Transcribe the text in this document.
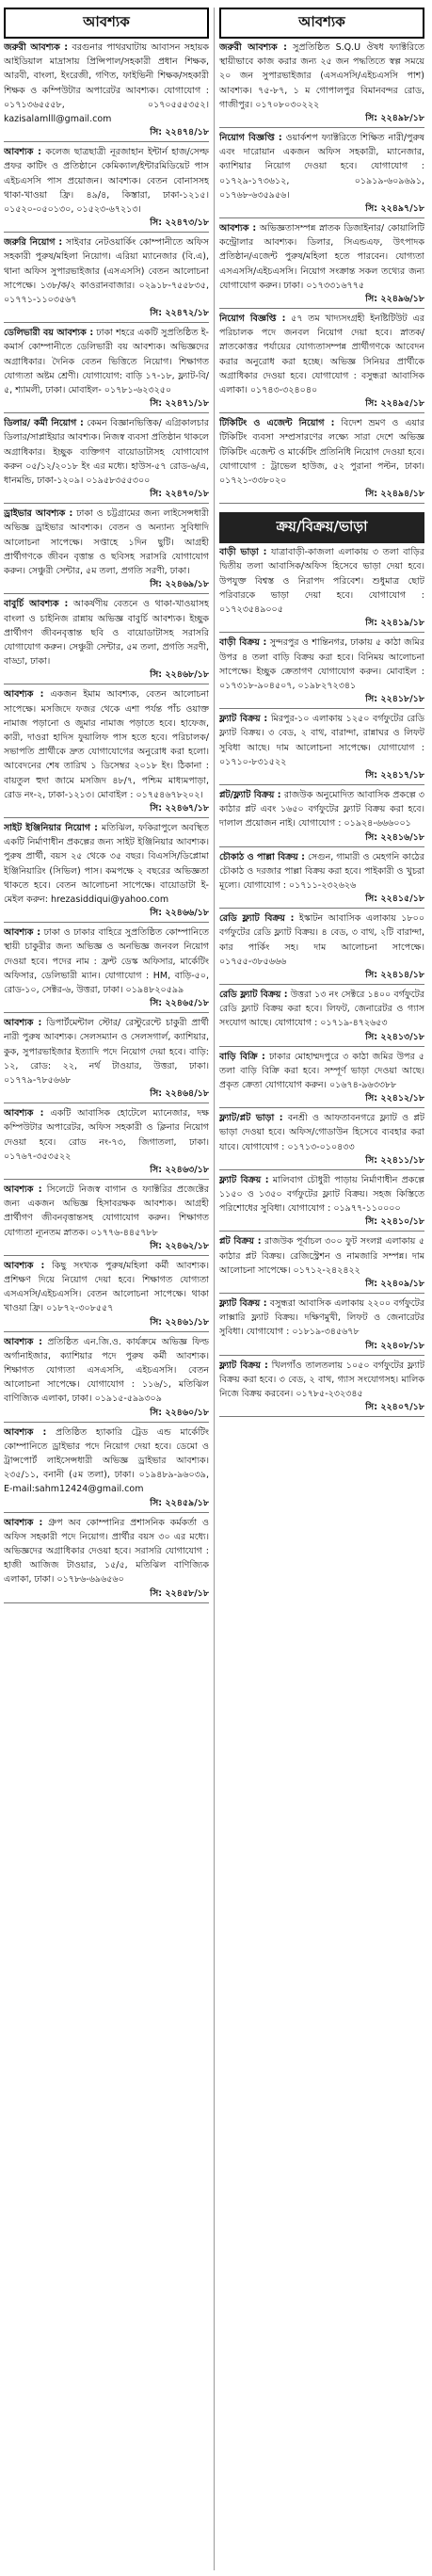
আবশ্যক
জরুরী আবশ্যক : বরগুনার পাথরঘাটায় আবাসন সহায়ক আইডিয়াল মাদ্রাসায় প্রিন্সিপাল/সহকারী প্রধান শিক্ষক, আরবী, বাংলা, ইংরেজী, গণিত, ফাইভিনী শিক্ষক/সহকারী শিক্ষক ও কম্পিউটার অপারেটর আবশ্যক। যোগাযোগ : ০১৭১৩৬৫৫৫৮, ০১৭০৫৫৫৩৫২। kazisalamlll@gmail.com
সি: ২২৪৭৪/১৮
আবশ্যক : কলেজ ছাত্রছাত্রী নূরজাহান ইন্টার্ন হাজ/সেল্ফ প্ৰফর কাটিং ও প্ৰতিষ্ঠানে কেমিক্যাল/ইন্টারমিডিয়েট পাস এইচএসসি পাস প্ৰয়োজন। আবশ্যক। বেতন বোনাসসহ থাকা-খাওয়া ফ্রি। ৪৯/৪, কিস্তারা, ঢাকা-১২১৫। ০১৫২০-০৫০১৩০, ০১৫২৩-৬৭২১৩।
সি: ২২৪৭৩/১৮
জরুরি নিয়োগ : সাইবার নেটওয়ার্কিং কোম্পানীতে অফিস সহকারী পুরুষ/মহিলা নিয়োগ। এরিয়া ম্যানেজার (বি.এ), থানা অফিস সুপারভাইজার (এসএসসি) বেতন আলোচনা সাপেক্ষে। ১৩৮/ক/২ কাওরানবাজার। ০২৯১৮-৭৫৫৮৩৫, ০১৭৭১-১১০৩৫৬৭
সি: ২২৪৭২/১৮
ডেলিভারী বয় আবশ্যক : ঢাকা শহরে একটি সুপ্রতিষ্ঠিত ই-কমার্স কোম্পানীতে ডেলিভারী বয় আবশ্যক। অভিজ্ঞদের অগ্রাধিকার। দৈনিক বেতন ভিত্তিতে নিয়োগ। শিক্ষাগত যোগ্যতা অষ্টম শ্রেণী। যোগাযোগ: বাড়ি ১৭-১৮, ফ্ল্যাট-বি/৫, শ্যামলী, ঢাকা। মোবাইল- ০১৭৮১-৬২৩২৫০
সি: ২২৪৭১/১৮
ডিলার/ কর্মী নিয়োগ : কেমন বিজ্ঞানভিত্তিক/ এগ্রিকালচার ডিলার/সাপ্লাইয়ার আবশ্যক। নিজস্ব ব্যবসা প্রতিষ্ঠান থাকলে অগ্রাধিকার। ইচ্ছুক ব্যক্তিগণ বায়োডাটাসহ যোগাযোগ করুন ০৫/১২/২০১৮ ইং এর মধ্যে। হাউস-৫৭ রোড-৬/এ, ধানমন্ডি, ঢাকা-১২০৯। ০১৯৫৮৩৫৫৩০০
সি: ২২৪৭০/১৮
ড্রাইভার আবশ্যক : ঢাকা ও চট্টগ্রামের জন্য লাইসেন্সধারী অভিজ্ঞ ড্রাইভার আবশ্যক। বেতন ও অন্যান্য সুবিধাদি আলোচনা সাপেক্ষে। সপ্তাহে ১দিন ছুটি। আগ্রহী প্রার্থীগণকে জীবন বৃত্তান্ত ও ছবিসহ সরাসরি যোগাযোগ করুন। সেঞ্চুরী সেন্টার, ৫ম তলা, প্রগতি সরণী, ঢাকা।
সি: ২২৪৬৯/১৮
বাবুর্চি আবশ্যক : আকর্ষণীয় বেতনে ও থাকা-খাওয়াসহ বাংলা ও চাইনিজ রান্নায় অভিজ্ঞ বাবুর্চি আবশ্যক। ইচ্ছুক প্রার্থীগণ জীবনবৃত্তান্ত ছবি ও বায়োডাটাসহ সরাসরি যোগাযোগ করুন। সেঞ্চুরী সেন্টার, ৫ম তলা, প্রগতি সরণী, বাড্ডা, ঢাকা।
সি: ২২৪৬৮/১৮
আবশ্যক : একজন ইমাম আবশ্যক, বেতন আলোচনা সাপেক্ষে। মসজিদে ফজর থেকে এশা পর্যন্ত পাঁচ ওয়াক্ত নামাজ পড়ানো ও জুমার নামাজ পড়াতে হবে। হাফেজ, কারী, দাওরা হাদিস ফুয়ালিফ পাস হতে হবে। পরিচালক/সভাপতি প্রার্থীকে দ্রুত যোগাযোগের অনুরোধ করা হলো। আবেদনের শেষ তারিখ ১ ডিসেম্বর ২০১৮ ইং। ঠিকানা : বায়তুল হুদা জামে মসজিদ ৪৮/৭, পশ্চিম মাধ্যমপাড়া, রোড নং-২, ঢাকা-১২১৩। মোবাইল : ০১৭৫৪৬৭৮২০২।
সি: ২২৪৬৭/১৮
সাইট ইঞ্জিনিয়ার নিয়োগ : মতিঝিল, ফকিরাপুলে অবস্থিত একটি নির্মাণাধীন প্রকল্পের জন্য সাইট ইঞ্জিনিয়ার আবশ্যক। পুরুষ প্রার্থী, বয়স ২৫ থেকে ৩৫ বছর। বিএসসি/ডিপ্লোমা ইঞ্জিনিয়ারিং (সিভিল) পাস। কমপক্ষে ২ বছরের অভিজ্ঞতা থাকতে হবে। বেতন আলোচনা সাপেক্ষে। বায়োডাটা ই-মেইল করুন: hrezasiddiqui@yahoo.com
সি: ২২৪৬৬/১৮
আবশ্যক : ঢাকা ও ঢাকার বাহিরে সুপ্রতিষ্ঠিত কোম্পানিতে স্থায়ী চাকুরীর জন্য অভিজ্ঞ ও অনভিজ্ঞ জনবল নিয়োগ দেওয়া হবে। পদের নাম : ফ্রন্ট ডেস্ক অফিসার, মার্কেটিং অফিসার, ডেলিভারী ম্যান। যোগাযোগ : HM, বাড়ি-৫০, রোড-১০, সেক্টর-৬, উত্তরা, ঢাকা। ০১৯৪৮২০৫৯৯
সি: ২২৪৬৫/১৮
আবশ্যক : ডিপার্টমেন্টাল স্টোর/ রেস্টুরেন্টে চাকুরী প্রার্থী নারী পুরুষ আবশ্যক। সেলসম্যান ও সেলসগার্ল, ক্যাশিয়ার, কুক, সুপারভাইজার ইত্যাদি পদে নিয়োগ দেয়া হবে। বাড়ি: ১২, রোড: ২২, নর্থ টাওয়ার, উত্তরা, ঢাকা। ০১৭৭৯-৭৮৫৬৬৮
সি: ২২৪৬৪/১৮
আবশ্যক : একটি আবাসিক হোটেলে ম্যানেজার, দক্ষ কম্পিউটার অপারেটর, অফিস সহকারী ও ক্লিনার নিয়োগ দেওয়া হবে। রোড নং-৭৩, জিগাতলা, ঢাকা। ০১৭৬৭-৩৫৩৫২২
সি: ২২৪৬৩/১৮
আবশ্যক : সিলেটে নিজস্ব বাগান ও ফ্যাক্টরির প্রজেক্টের জন্য একজন অভিজ্ঞ হিসাবরক্ষক আবশ্যক। আগ্রহী প্রার্থীগণ জীবনবৃত্তান্তসহ যোগাযোগ করুন। শিক্ষাগত যোগ্যতা ন্যূনতম স্নাতক। ০১৭৭৬-৪৪৫৭৮৮
সি: ২২৪৬২/১৮
আবশ্যক : কিছু সংখ্যক পুরুষ/মহিলা কর্মী আবশ্যক। প্রশিক্ষণ দিয়ে নিয়োগ দেয়া হবে। শিক্ষাগত যোগ্যতা এসএসসি/এইচএসসি। বেতন আলোচনা সাপেক্ষে। থাকা খাওয়া ফ্রি। ০১৮৭২-৩০৮৫৫৭
সি: ২২৪৬১/১৮
আবশ্যক : প্রতিষ্ঠিত এন.জি.ও. কার্যক্রমে অভিজ্ঞ ফিল্ড অর্গানাইজার, ক্যাশিয়ার পদে পুরুষ কর্মী আবশ্যক। শিক্ষাগত যোগ্যতা এসএসসি, এইচএসসি। বেতন আলোচনা সাপেক্ষে। যোগাযোগ : ১১৬/১, মতিঝিল বাণিজ্যিক এলাকা, ঢাকা। ০১৯১৫-৫৯৯৩০৯
সি: ২২৪৬০/১৮
আবশ্যক : প্রতিষ্ঠিত হ্যাকারি ট্রেড এন্ড মার্কেটিং কোম্পানিতে ড্রাইভার পদে নিয়োগ দেয়া হবে। ডেমো ও ট্রান্সপোর্ট লাইসেন্সধারী অভিজ্ঞ ড্রাইভার আবশ্যক। ২৩৫/১১, বনানী (৫ম তলা), ঢাকা। ০১৯৪৮৯-৯৬০৩৯, E-mail:sahm12424@gmail.com
সি: ২২৪৫৯/১৮
আবশ্যক : গ্রুপ অব কোম্পানির প্রশাসনিক কর্মকর্তা ও অফিস সহকারী পদে নিয়োগ। প্রার্থীর বয়স ৩০ এর মধ্যে। অভিজ্ঞদের অগ্রাধিকার দেওয়া হবে। সরাসরি যোগাযোগ : হাজী আজিজ টাওয়ার, ১৫/৫, মতিঝিল বাণিজ্যিক এলাকা, ঢাকা। ০১৭৮৬-৬৯৬৫৬০
সি: ২২৪৫৮/১৮
আবশ্যক
জরুরী আবশ্যক : সুপ্রতিষ্ঠিত S.Q.U ঔষধ ফ্যাক্টরিতে স্থায়ীভাবে কাজ করার জন্য ২৫ জন পদ্ধতিতে স্বল্প সময়ে ২০ জন সুপারভাইজার (এসএসসি/এইচএসসি পাশ) আবশ্যক। ৭৫-৮৭, ১ ম গোপালপুর বিমানবন্দর রোড, গাজীপুর। ০১৭০৮০৩০২২২
সি: ২২৪৯৮/১৮
নিয়োগ বিজ্ঞপ্তি : ওয়ার্কশপ ফ্যাক্টরিতে শিক্ষিত নারী/পুরুষ এবং দারোয়ান একজন অফিস সহকারী, ম্যানেজার, ক্যাশিয়ার নিয়োগ দেওয়া হবে। যোগাযোগ : ০১৭২৯-১৭৩৬১২, ০১৯১৯-৬০৯৬৯১, ০১৭৬৮-৬৩৫৯৫৬।
সি: ২২৪৯৭/১৮
আবশ্যক : অভিজ্ঞতাসম্পন্ন স্নাতক ডিজাইনার/ কোয়ালিটি কন্ট্রোলার আবশ্যক। ডিলার, সিএন্ডএফ, উৎপাদক প্রতিষ্ঠান/এজেন্ট পুরুষ/মহিলা হতে পারবেন। যোগ্যতা এসএসসি/এইচএসসি। নিয়োগ সংক্রান্ত সকল তথ্যের জন্য যোগাযোগ করুন। ঢাকা। ০১৭৩৩১৬৭৭৫
সি: ২২৪৯৬/১৮
নিয়োগ বিজ্ঞপ্তি : ৫৭ তম খাদ্যসংগ্রহী ইনষ্টিটিউট এর পরিচালক পদে জনবল নিয়োগ দেয়া হবে। স্নাতক/স্নাতকোত্তর পর্যায়ের যোগ্যতাসম্পন্ন প্রার্থীগণকে আবেদন করার অনুরোধ করা হচ্ছে। অভিজ্ঞ সিনিয়র প্রার্থীকে অগ্রাধিকার দেওয়া হবে। যোগাযোগ : বসুন্ধরা আবাসিক এলাকা। ০১৭৪৩-৩২৪০৪০
সি: ২২৪৯৫/১৮
টিকিটিং ও এজেন্ট নিয়োগ : বিদেশ ভ্রমণ ও এয়ার টিকিটিং ব্যবসা সম্প্রসারণের লক্ষ্যে সারা দেশে অভিজ্ঞ টিকিটিং এজেন্ট ও মার্কেটিং প্রতিনিধি নিয়োগ দেওয়া হবে। যোগাযোগ : ট্রাভেল হাউজ, ৫২ পুরানা পল্টন, ঢাকা। ০১৭২১-৩৩৮০২০
সি: ২২৪৯৪/১৮
ক্রয়/বিক্রয়/ভাড়া
বাড়ী ভাড়া : যাত্রাবাড়ী-কাজলা এলাকায় ৩ তলা বাড়ির দ্বিতীয় তলা আবাসিক/অফিস হিসেবে ভাড়া দেয়া হবে। উপযুক্ত বিশ্বস্ত ও নিরাপদ পরিবেশ। শুধুমাত্র ছোট পরিবারকে ভাড়া দেয়া হবে। যোগাযোগ : ০১৭২৩৫৪৯০০৫
সি: ২২৪১৯/১৮
বাড়ী বিক্রয় : সুন্দরপুর ও শান্তিনগর, ঢাকায় ৫ কাঠা জমির উপর ৪ তলা বাড়ি বিক্রয় করা হবে। বিনিময় আলোচনা সাপেক্ষে। ইচ্ছুক ক্রেতাগণ যোগাযোগ করুন। মোবাইল : ০১৭৩১৮-৯০৪৫০৭, ০১৯৮২৭২৩৪১
সি: ২২৪১৮/১৮
ফ্ল্যাট বিক্রয় : মিরপুর-১০ এলাকায় ১২৫০ বর্গফুটের রেডি ফ্ল্যাট বিক্রয়। ৩ বেড, ২ বাথ, বারান্দা, রান্নাঘর ও লিফট সুবিধা আছে। দাম আলোচনা সাপেক্ষে। যোগাযোগ : ০১৭১০-৮৩১৫২২
সি: ২২৪১৭/১৮
প্লট/ফ্ল্যাট বিক্রয় : রাজউক অনুমোদিত আবাসিক প্রকল্পে ৩ কাঠার প্লট এবং ১৬৫০ বর্গফুটের ফ্ল্যাট বিক্রয় করা হবে। দালাল প্রয়োজন নাই। যোগাযোগ : ০১৯২৪-৬৬৬০০১
সি: ২২৪১৬/১৮
চৌকাঠ ও পাল্লা বিক্রয় : সেগুন, গামারী ও মেহগনি কাঠের চৌকাঠ ও দরজার পাল্লা বিক্রয় করা হবে। পাইকারী ও খুচরা মূল্যে। যোগাযোগ : ০১৭১১-২৩২৬২৬
সি: ২২৪১৫/১৮
রেডি ফ্ল্যাট বিক্রয় : ইস্কাটন আবাসিক এলাকায় ১৮০০ বর্গফুটের রেডি ফ্ল্যাট বিক্রয়। ৪ বেড, ৩ বাথ, ২টি বারান্দা, কার পার্কিং সহ। দাম আলোচনা সাপেক্ষে। ০১৭৫৫-৩৮৫৬৬৬
সি: ২২৪১৪/১৮
রেডি ফ্ল্যাট বিক্রয় : উত্তরা ১৩ নং সেক্টরে ১৪০০ বর্গফুটের রেডি ফ্ল্যাট বিক্রয় করা হবে। লিফট, জেনারেটর ও গ্যাস সংযোগ আছে। যোগাযোগ : ০১৭১৯-৪৭২৬৫৩
সি: ২২৪১৩/১৮
বাড়ি বিক্রি : ঢাকার মোহাম্মদপুরে ৩ কাঠা জমির উপর ৫ তলা বাড়ি বিক্রি করা হবে। সম্পূর্ণ ভাড়া দেওয়া আছে। প্রকৃত ক্রেতা যোগাযোগ করুন। ০১৬৭৪-৯৬৩৩৮৮
সি: ২২৪১২/১৮
ফ্ল্যাট/প্লট ভাড়া : বনশ্রী ও আফতাবনগরে ফ্ল্যাট ও প্লট ভাড়া দেওয়া হবে। অফিস/গোডাউন হিসেবে ব্যবহার করা যাবে। যোগাযোগ : ০১৭১৩-০১০৪৩৩
সি: ২২৪১১/১৮
ফ্ল্যাট বিক্রয় : মালিবাগ চৌধুরী পাড়ায় নির্মাণাধীন প্রকল্পে ১১৫০ ও ১৩৫০ বর্গফুটের ফ্ল্যাট বিক্রয়। সহজ কিস্তিতে পরিশোধের সুবিধা। যোগাযোগ : ০১৯৭৭-১১০০০০
সি: ২২৪১০/১৮
প্লট বিক্রয় : রাজউক পূর্বাচল ৩০০ ফুট সংলগ্ন এলাকায় ৫ কাঠার প্লট বিক্রয়। রেজিস্ট্রেশন ও নামজারি সম্পন্ন। দাম আলোচনা সাপেক্ষে। ০১৭১২-২৪২৪২২
সি: ২২৪০৯/১৮
ফ্ল্যাট বিক্রয় : বসুন্ধরা আবাসিক এলাকায় ২২০০ বর্গফুটের লাক্সারি ফ্ল্যাট বিক্রয়। দক্ষিণমুখী, লিফট ও জেনারেটর সুবিধা। যোগাযোগ : ০১৮১৯-৩৪৫৬৭৮
সি: ২২৪০৮/১৮
ফ্ল্যাট বিক্রয় : খিলগাঁও তালতলায় ১০৫০ বর্গফুটের ফ্ল্যাট বিক্রয় করা হবে। ৩ বেড, ২ বাথ, গ্যাস সংযোগসহ। মালিক নিজে বিক্রয় করবেন। ০১৭৮৫-২৩২৩৪৫
সি: ২২৪০৭/১৮
